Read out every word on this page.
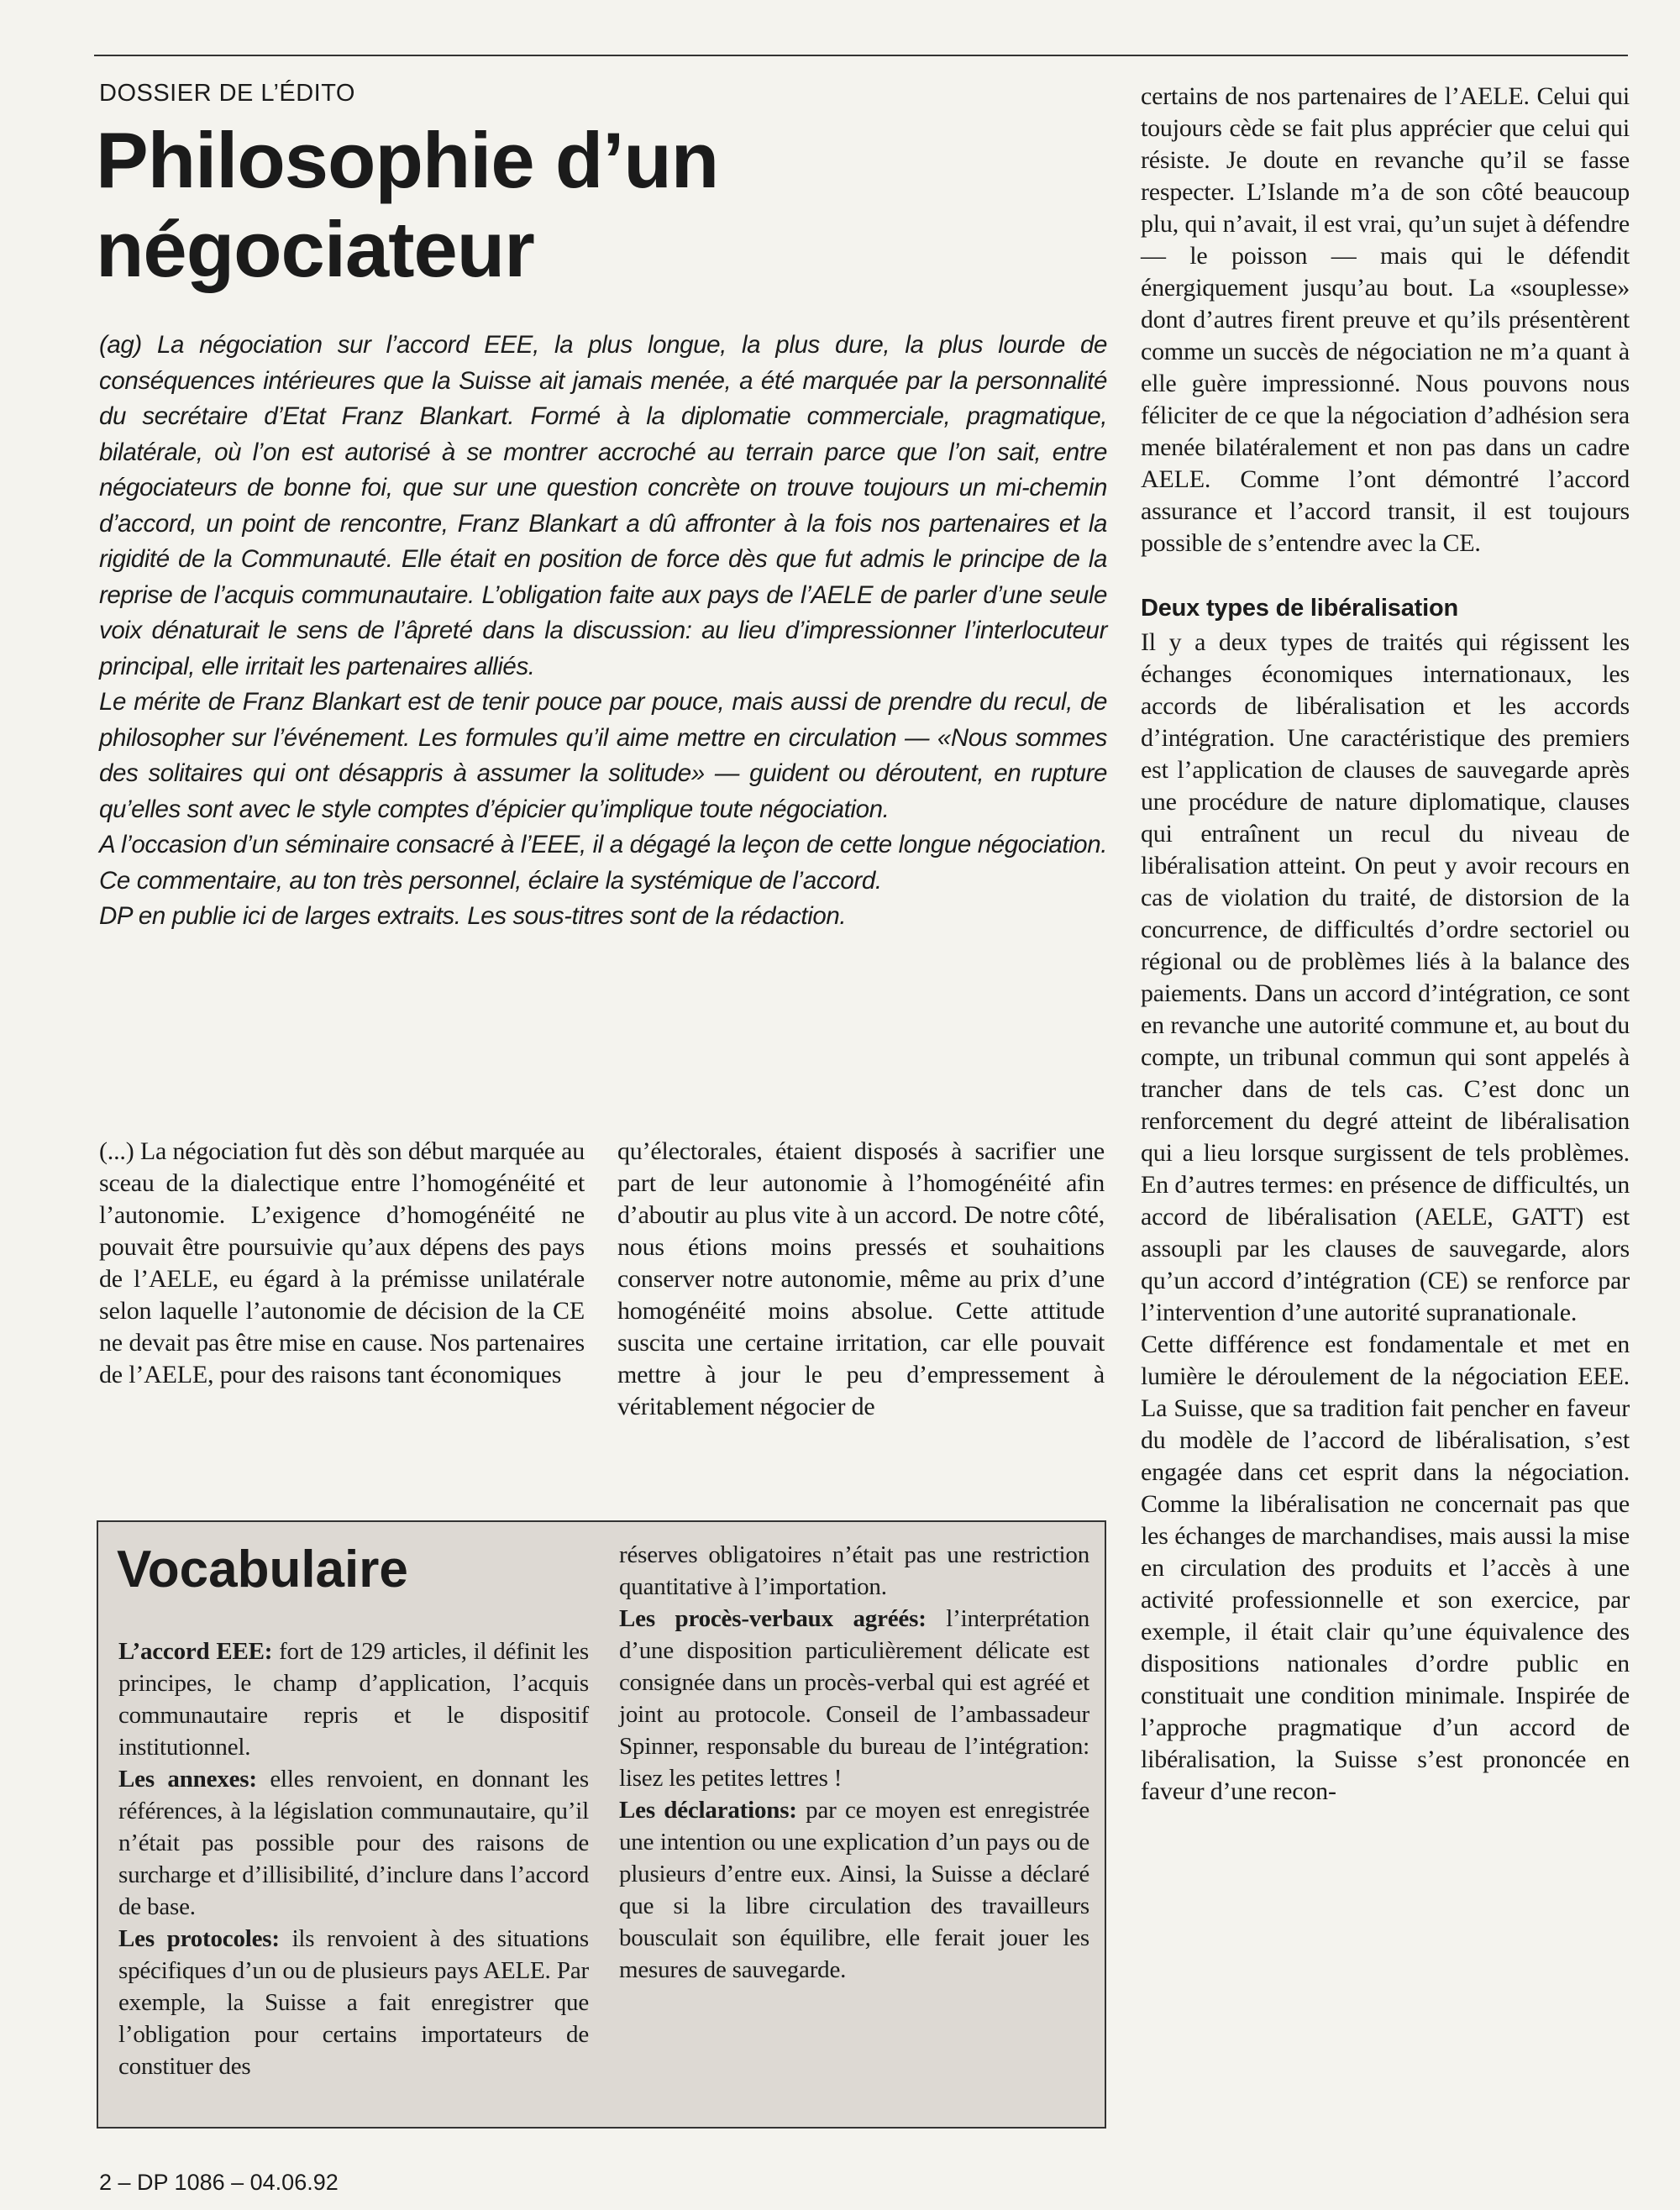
DOSSIER DE L’ÉDITO
Philosophie d’un
négociateur

(ag) La négociation sur l’accord EEE, la plus longue, la plus dure, la plus lourde de conséquences intérieures que la Suisse ait jamais menée, a été marquée par la personnalité du secrétaire d’Etat Franz Blankart. Formé à la diplomatie commerciale, pragmatique, bilatérale, où l’on est autorisé à se montrer accroché au terrain parce que l’on sait, entre négociateurs de bonne foi, que sur une question concrète on trouve toujours un mi-chemin d’accord, un point de rencontre, Franz Blankart a dû affronter à la fois nos partenaires et la rigidité de la Communauté. Elle était en position de force dès que fut admis le principe de la reprise de l’acquis communautaire. L’obligation faite aux pays de l’AELE de parler d’une seule voix dénaturait le sens de l’âpreté dans la discussion: au lieu d’impressionner l’interlocuteur principal, elle irritait les partenaires alliés.

Le mérite de Franz Blankart est de tenir pouce par pouce, mais aussi de prendre du recul, de philosopher sur l’événement. Les formules qu’il aime mettre en circulation — «Nous sommes des solitaires qui ont désappris à assumer la solitude» — guident ou déroutent, en rupture qu’elles sont avec le style comptes d’épicier qu’implique toute négociation.

A l’occasion d’un séminaire consacré à l’EEE, il a dégagé la leçon de cette longue négociation. Ce commentaire, au ton très personnel, éclaire la systémique de l’accord.

DP en publie ici de larges extraits. Les sous-titres sont de la rédaction.

(...) La négociation fut dès son début marquée au sceau de la dialectique entre l’homogénéité et l’autonomie. L’exigence d’homogénéité ne pouvait être poursuivie qu’aux dépens des pays de l’AELE, eu égard à la prémisse unilatérale selon laquelle l’autonomie de décision de la CE ne devait pas être mise en cause. Nos partenaires de l’AELE, pour des raisons tant économiques

qu’électorales, étaient disposés à sacrifier une part de leur autonomie à l’homogénéité afin d’aboutir au plus vite à un accord. De notre côté, nous étions moins pressés et souhaitions conserver notre autonomie, même au prix d’une homogénéité moins absolue. Cette attitude suscita une certaine irritation, car elle pouvait mettre à jour le peu d’empressement à véritablement négocier de

certains de nos partenaires de l’AELE. Celui qui toujours cède se fait plus apprécier que celui qui résiste. Je doute en revanche qu’il se fasse respecter. L’Islande m’a de son côté beaucoup plu, qui n’avait, il est vrai, qu’un sujet à défendre — le poisson — mais qui le défendit énergiquement jusqu’au bout. La «souplesse» dont d’autres firent preuve et qu’ils présentèrent comme un succès de négociation ne m’a quant à elle guère impressionné. Nous pouvons nous féliciter de ce que la négociation d’adhésion sera menée bilatéralement et non pas dans un cadre AELE. Comme l’ont démontré l’accord assurance et l’accord transit, il est toujours possible de s’entendre avec la CE.

Deux types de libéralisation

Il y a deux types de traités qui régissent les échanges économiques internationaux, les accords de libéralisation et les accords d’intégration. Une caractéristique des premiers est l’application de clauses de sauvegarde après une procédure de nature diplomatique, clauses qui entraînent un recul du niveau de libéralisation atteint. On peut y avoir recours en cas de violation du traité, de distorsion de la concurrence, de difficultés d’ordre sectoriel ou régional ou de problèmes liés à la balance des paiements. Dans un accord d’intégration, ce sont en revanche une autorité commune et, au bout du compte, un tribunal commun qui sont appelés à trancher dans de tels cas. C’est donc un renforcement du degré atteint de libéralisation qui a lieu lorsque surgissent de tels problèmes. En d’autres termes: en présence de difficultés, un accord de libéralisation (AELE, GATT) est assoupli par les clauses de sauvegarde, alors qu’un accord d’intégration (CE) se renforce par l’intervention d’une autorité supranationale.

Cette différence est fondamentale et met en lumière le déroulement de la négociation EEE. La Suisse, que sa tradition fait pencher en faveur du modèle de l’accord de libéralisation, s’est engagée dans cet esprit dans la négociation. Comme la libéralisation ne concernait pas que les échanges de marchandises, mais aussi la mise en circulation des produits et l’accès à une activité professionnelle et son exercice, par exemple, il était clair qu’une équivalence des dispositions nationales d’ordre public en constituait une condition minimale. Inspirée de l’approche pragmatique d’un accord de libéralisation, la Suisse s’est prononcée en faveur d’une recon-

Vocabulaire

L’accord EEE: fort de 129 articles, il définit les principes, le champ d’application, l’acquis communautaire repris et le dispositif institutionnel.

Les annexes: elles renvoient, en donnant les références, à la législation communautaire, qu’il n’était pas possible pour des raisons de surcharge et d’illisibilité, d’inclure dans l’accord de base.

Les protocoles: ils renvoient à des situations spécifiques d’un ou de plusieurs pays AELE. Par exemple, la Suisse a fait enregistrer que l’obligation pour certains importateurs de constituer des

réserves obligatoires n’était pas une restriction quantitative à l’importation.

Les procès-verbaux agréés: l’interprétation d’une disposition particulièrement délicate est consignée dans un procès-verbal qui est agréé et joint au protocole. Conseil de l’ambassadeur Spinner, responsable du bureau de l’intégration: lisez les petites lettres !

Les déclarations: par ce moyen est enregistrée une intention ou une explication d’un pays ou de plusieurs d’entre eux. Ainsi, la Suisse a déclaré que si la libre circulation des travailleurs bousculait son équilibre, elle ferait jouer les mesures de sauvegarde.

2 – DP 1086 – 04.06.92
